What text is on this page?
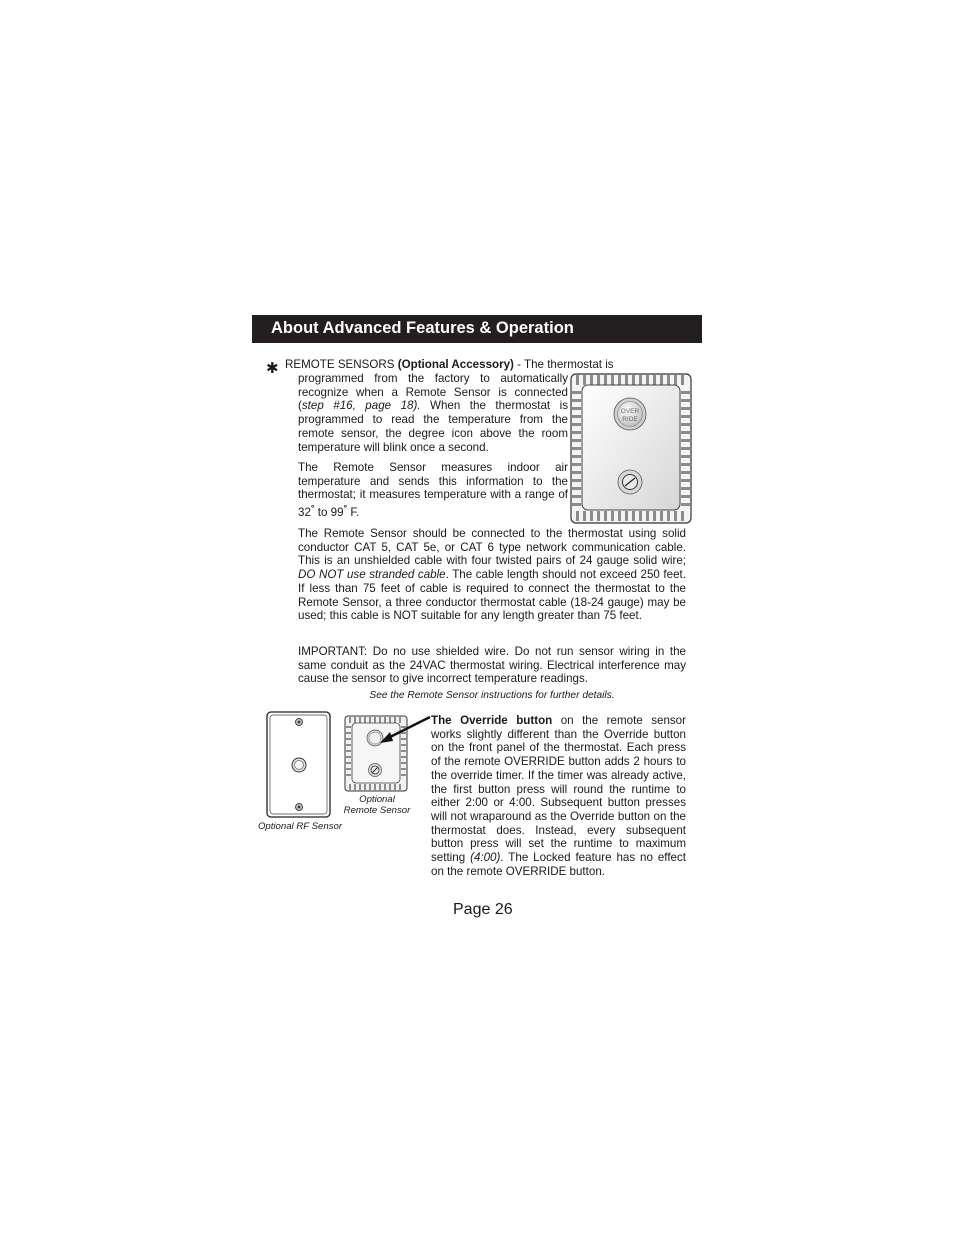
About Advanced Features & Operation
✱ REMOTE SENSORS (Optional Accessory) - The thermostat is
programmed from the factory to automatically recognize when a Remote Sensor is connected (step #16, page 18). When the thermostat is programmed to read the temperature from the remote sensor, the degree icon above the room temperature will blink once a second.
The Remote Sensor measures indoor air temperature and sends this information to the thermostat; it measures temperature with a range of 32° to 99° F.
OVER
RIDE
The Remote Sensor should be connected to the thermostat using solid conductor CAT 5, CAT 5e, or CAT 6 type network communication cable. This is an unshielded cable with four twisted pairs of 24 gauge solid wire; DO NOT use stranded cable. The cable length should not exceed 250 feet. If less than 75 feet of cable is required to connect the thermostat to the Remote Sensor, a three conductor thermostat cable (18-24 gauge) may be used; this cable is NOT suitable for any length greater than 75 feet.
IMPORTANT: Do no use shielded wire. Do not run sensor wiring in the same conduit as the 24VAC thermostat wiring. Electrical interference may cause the sensor to give incorrect temperature readings.
See the Remote Sensor instructions for further details.
Optional RF Sensor
Optional
Remote Sensor
The Override button on the remote sensor works slightly different than the Override button on the front panel of the thermostat. Each press of the remote OVERRIDE button adds 2 hours to the override timer. If the timer was already active, the first button press will round the runtime to either 2:00 or 4:00. Subsequent button presses will not wraparound as the Override button on the thermostat does. Instead, every subsequent button press will set the runtime to maximum setting (4:00). The Locked feature has no effect on the remote OVERRIDE button.
Page 26
